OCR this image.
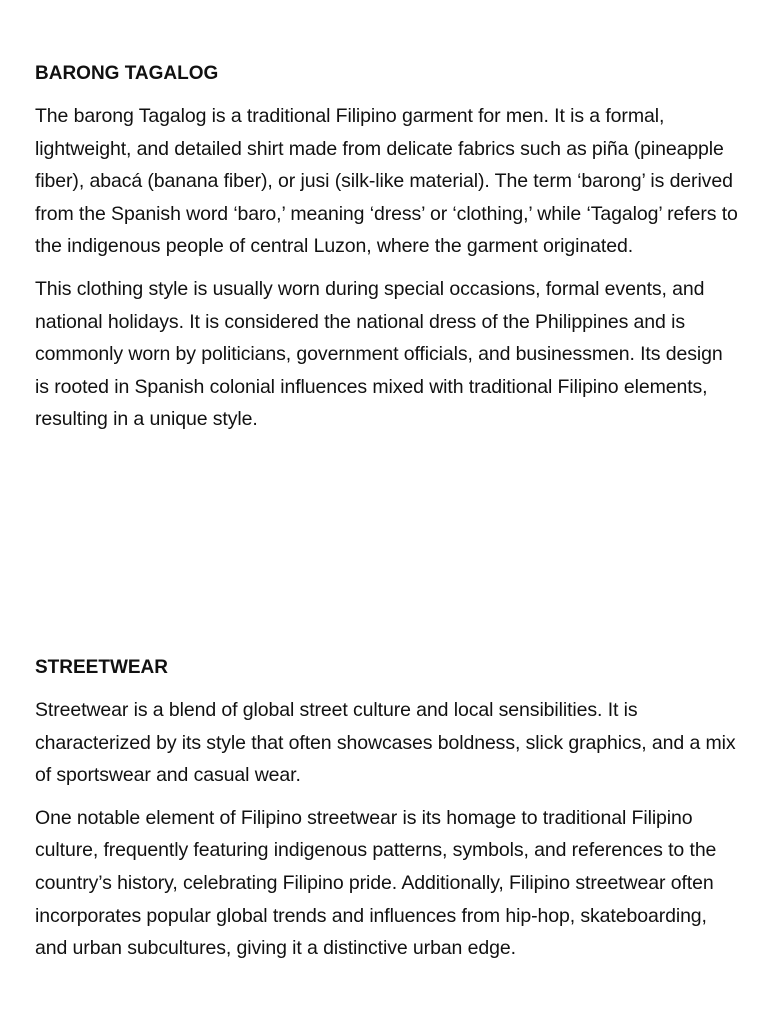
BARONG TAGALOG

The barong Tagalog is a traditional Filipino garment for men. It is a formal, lightweight, and detailed shirt made from delicate fabrics such as piña (pineapple fiber), abacá (banana fiber), or jusi (silk-like material). The term ‘barong’ is derived from the Spanish word ‘baro,’ meaning ‘dress’ or ‘clothing,’ while ‘Tagalog’ refers to the indigenous people of central Luzon, where the garment originated.

This clothing style is usually worn during special occasions, formal events, and national holidays. It is considered the national dress of the Philippines and is commonly worn by politicians, government officials, and businessmen. Its design is rooted in Spanish colonial influences mixed with traditional Filipino elements, resulting in a unique style.

STREETWEAR

Streetwear is a blend of global street culture and local sensibilities. It is characterized by its style that often showcases boldness, slick graphics, and a mix of sportswear and casual wear.

One notable element of Filipino streetwear is its homage to traditional Filipino culture, frequently featuring indigenous patterns, symbols, and references to the country’s history, celebrating Filipino pride. Additionally, Filipino streetwear often incorporates popular global trends and influences from hip-hop, skateboarding, and urban subcultures, giving it a distinctive urban edge.
